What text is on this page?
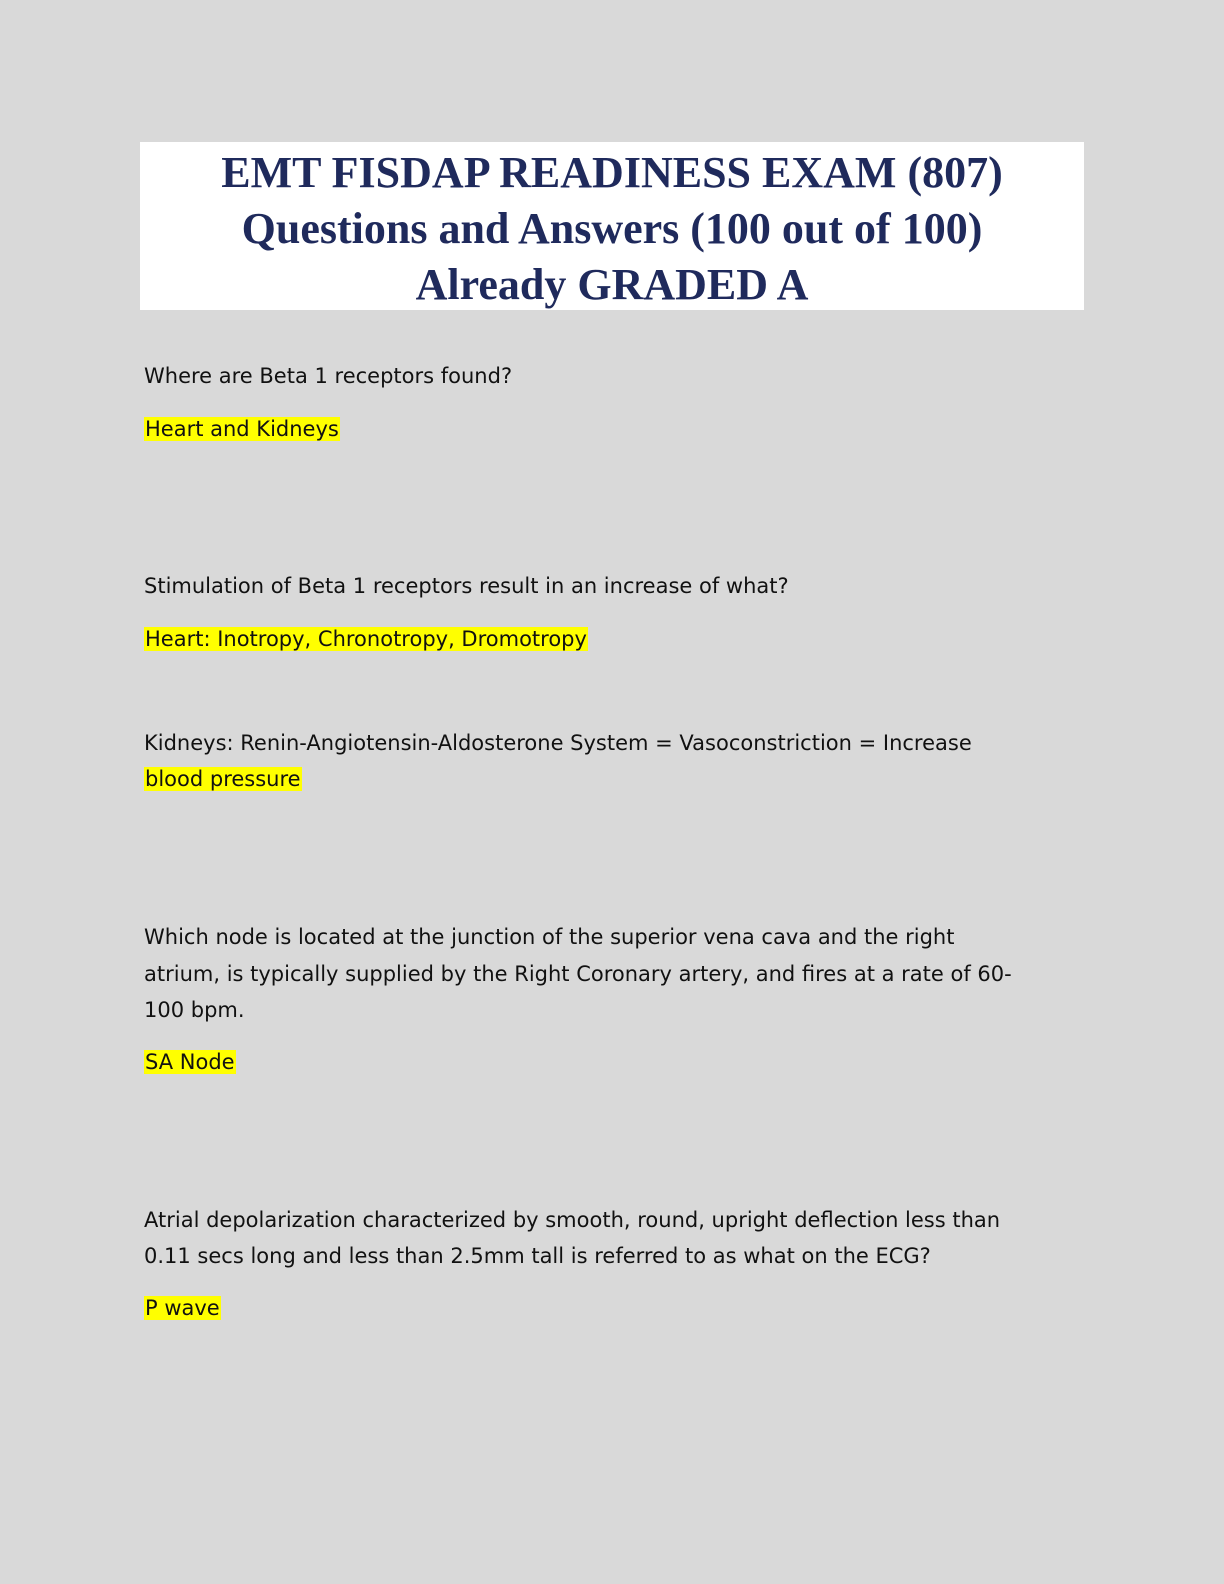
EMT FISDAP READINESS EXAM (807)
Questions and Answers (100 out of 100)
Already GRADED A
Where are Beta 1 receptors found?
Heart and Kidneys
Stimulation of Beta 1 receptors result in an increase of what?
Heart: Inotropy, Chronotropy, Dromotropy
Kidneys: Renin-Angiotensin-Aldosterone System = Vasoconstriction = Increase
blood pressure
Which node is located at the junction of the superior vena cava and the right
atrium, is typically supplied by the Right Coronary artery, and fires at a rate of 60-
100 bpm.
SA Node
Atrial depolarization characterized by smooth, round, upright deflection less than
0.11 secs long and less than 2.5mm tall is referred to as what on the ECG?
P wave
